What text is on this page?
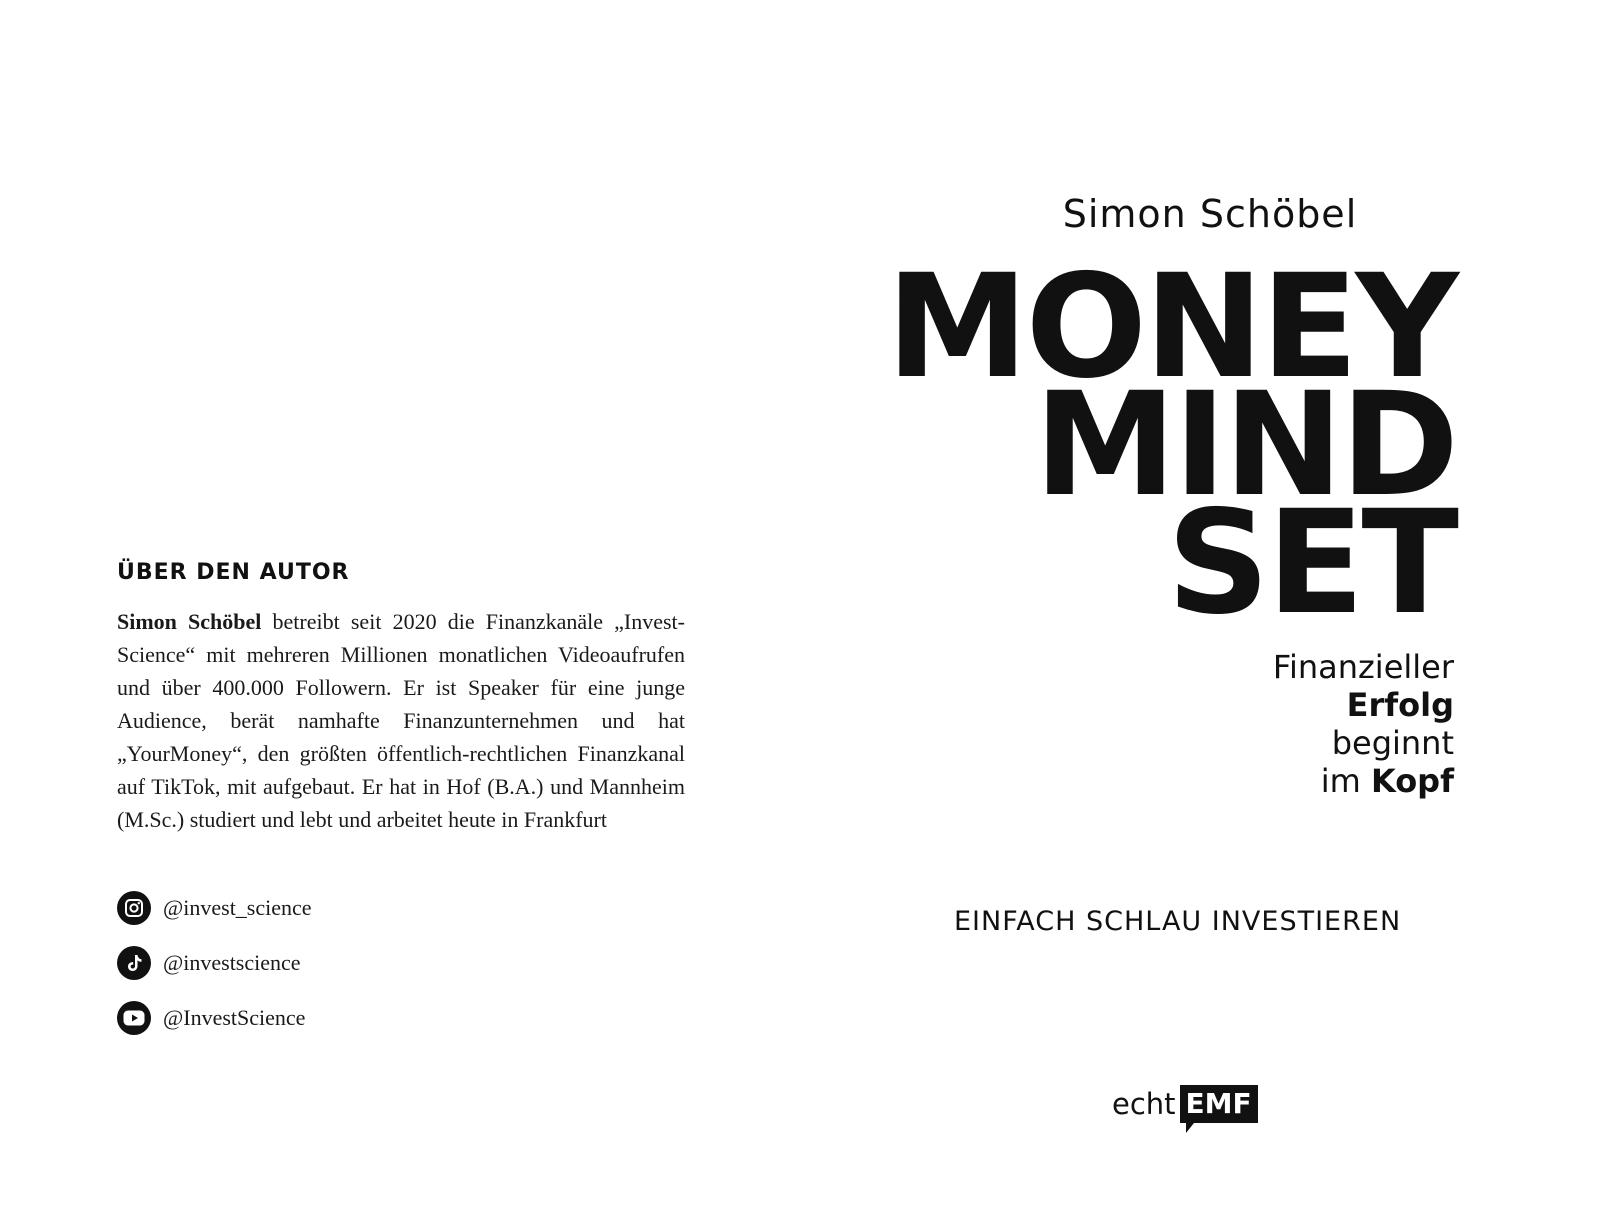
ÜBER DEN AUTOR

Simon Schöbel betreibt seit 2020 die Finanzkanäle „Invest-Science“ mit mehreren Millionen monatlichen Videoaufrufen und über 400.000 Followern. Er ist Speaker für eine junge Audience, berät namhafte Finanzunternehmen und hat „YourMoney“, den größten öffentlich-rechtlichen Finanzkanal auf TikTok, mit aufgebaut. Er hat in Hof (B.A.) und Mannheim (M.Sc.) studiert und lebt und arbeitet heute in Frankfurt

@invest_science
@investscience
@InvestScience

Simon Schöbel

MONEY

MIND

SET

Finanzieller
Erfolg
beginnt
im Kopf

EINFACH SCHLAU INVESTIEREN

echt EMF
